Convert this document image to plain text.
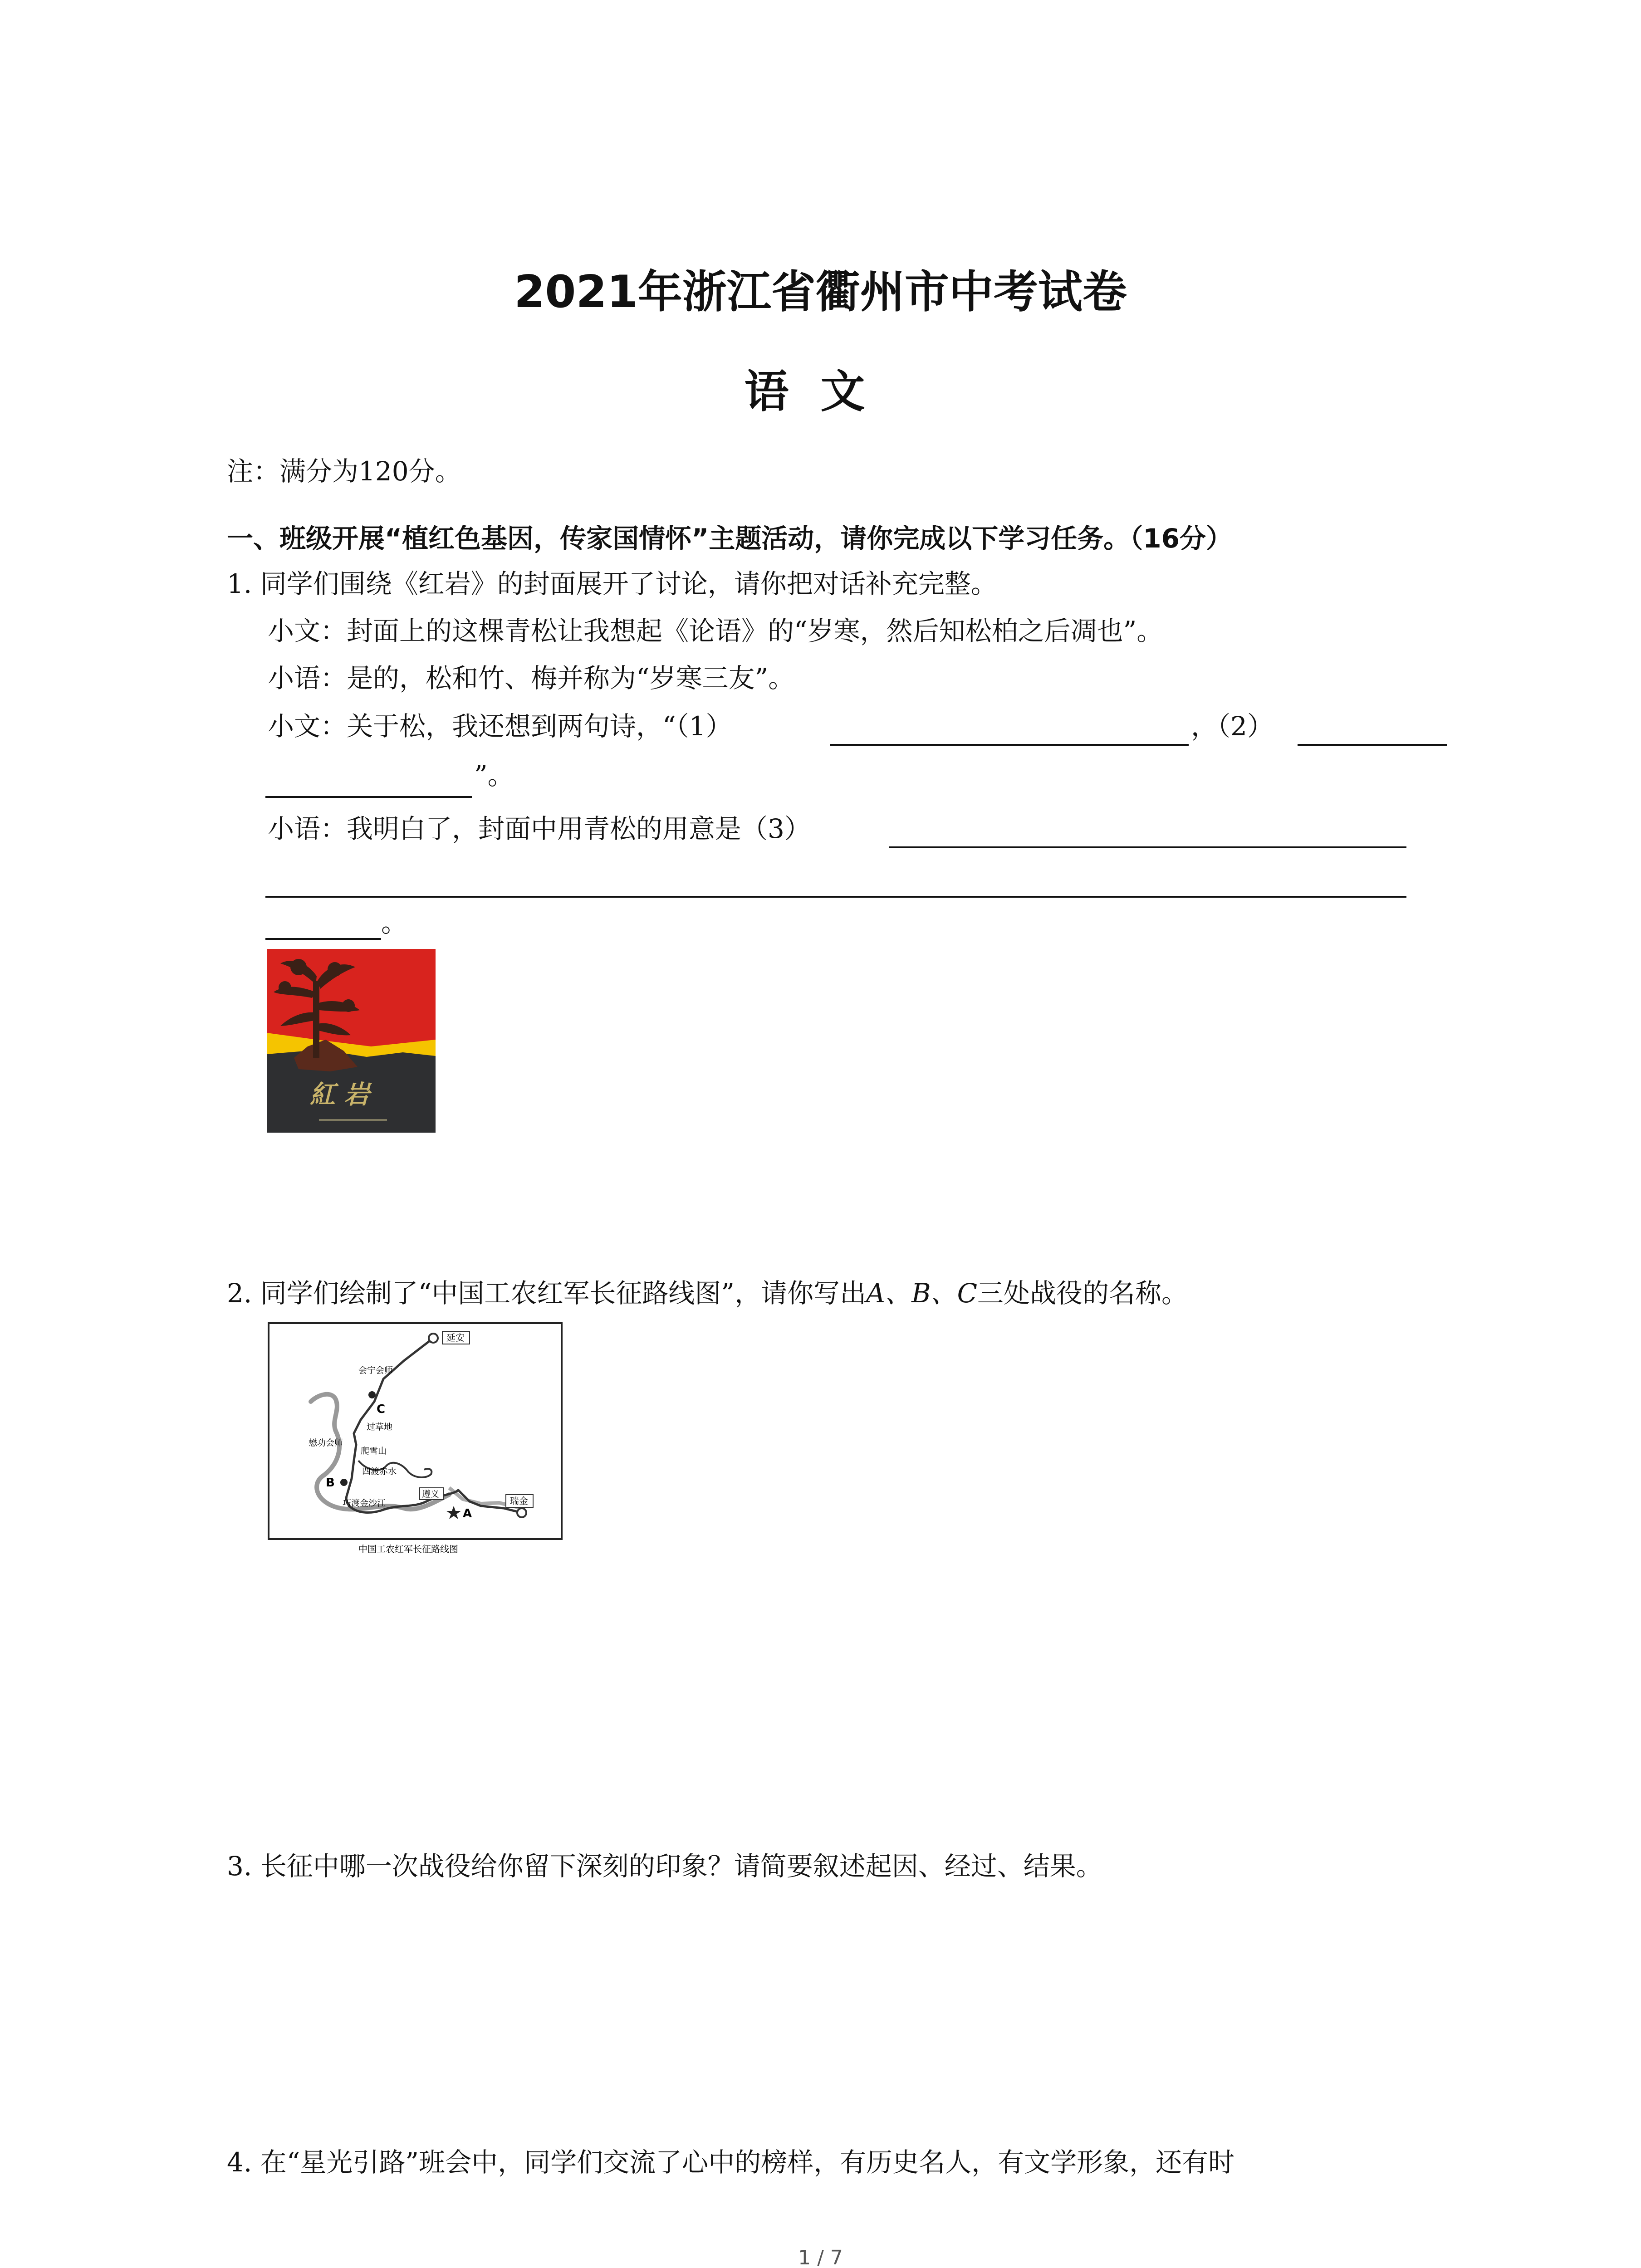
2021年浙江省衢州市中考试卷
语文
注：满分为120分。
一、班级开展“植红色基因，传家国情怀”主题活动，请你完成以下学习任务。（16分）
1. 同学们围绕《红岩》的封面展开了讨论，请你把对话补充完整。
小文：封面上的这棵青松让我想起《论语》的“岁寒，然后知松柏之后凋也”。
小语：是的，松和竹、梅并称为“岁寒三友”。
小文：关于松，我还想到两句诗，“（1）	，（2）
”。
小语：我明白了，封面中用青松的用意是（3）
。
紅 岩
2. 同学们绘制了“中国工农红军长征路线图”，请你写出A、B、C三处战役的名称。
延安
会宁会师
C
过草地
懋功会师
爬雪山
B
四渡赤水
遵义
巧渡金沙江
A
瑞金
中国工农红军长征路线图
3. 长征中哪一次战役给你留下深刻的印象？请简要叙述起因、经过、结果。
4. 在“星光引路”班会中，同学们交流了心中的榜样，有历史名人，有文学形象，还有时
1 / 7
